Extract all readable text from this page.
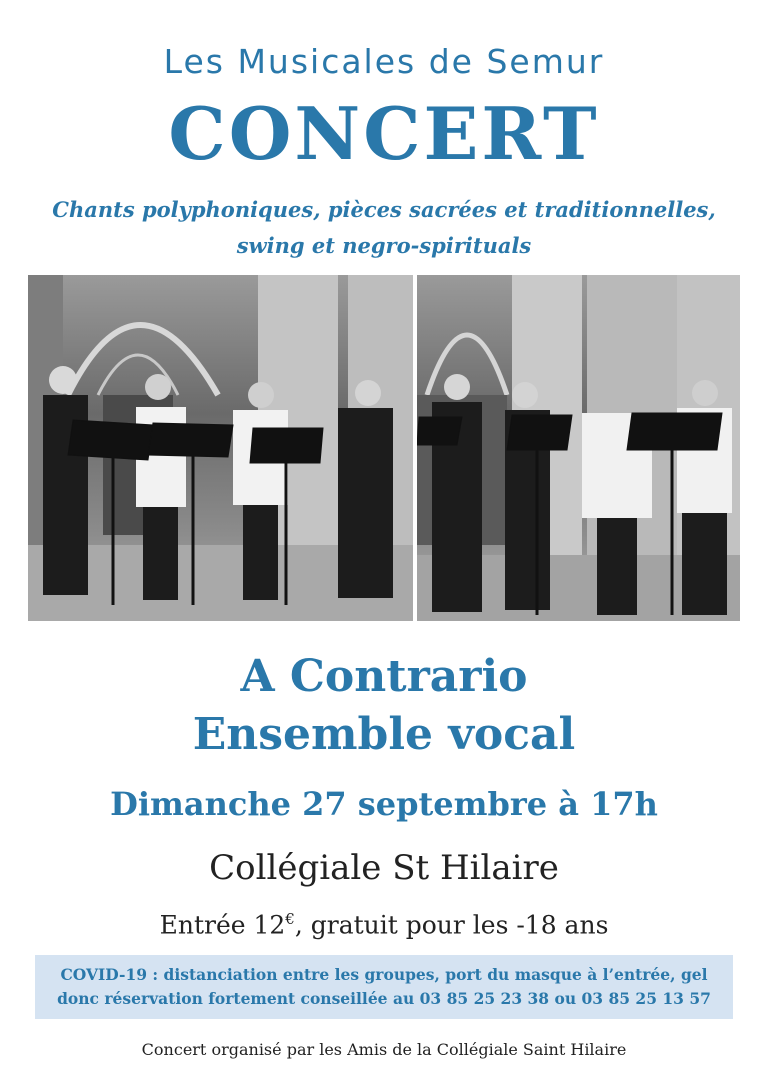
Les Musicales de Semur
CONCERT
Chants polyphoniques, pièces sacrées et traditionnelles,
swing et negro-spirituals
A Contrario
Ensemble vocal
Dimanche 27 septembre à 17h
Collégiale St Hilaire
Entrée 12€, gratuit pour les -18 ans
COVID-19 : distanciation entre les groupes, port du masque à l’entrée, gel
donc réservation fortement conseillée au 03 85 25 23 38 ou 03 85 25 13 57
Concert organisé par les Amis de la Collégiale Saint Hilaire
